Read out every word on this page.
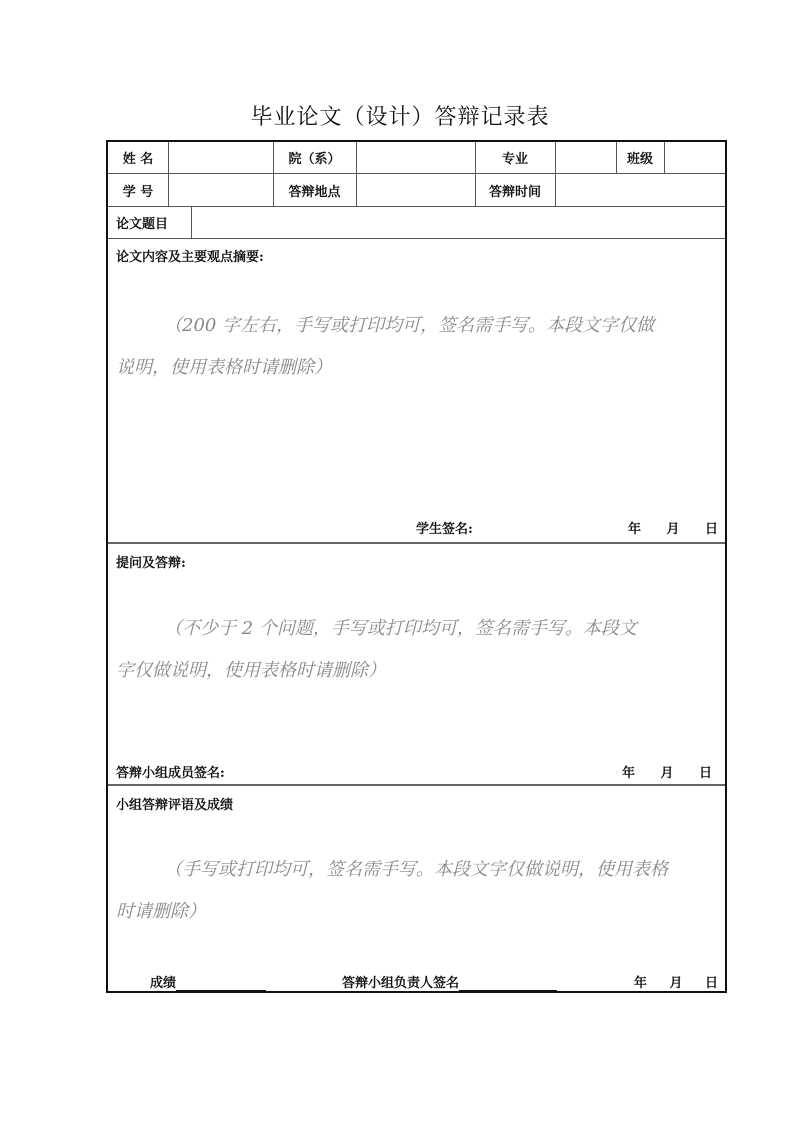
毕业论文（设计）答辩记录表
姓 名	院（系）	专业	班级
学 号	答辩地点	答辩时间
论文题目
论文内容及主要观点摘要:
（200 字左右，手写或打印均可，签名需手写。本段文字仅做
说明，使用表格时请删除）
学生签名:	年 月 日
提问及答辩:
（不少于 2 个问题，手写或打印均可，签名需手写。本段文
字仅做说明，使用表格时请删除）
答辩小组成员签名:	年 月 日
小组答辩评语及成绩
（手写或打印均可，签名需手写。本段文字仅做说明，使用表格
时请删除）
成绩	答辩小组负责人签名	年 月 日
